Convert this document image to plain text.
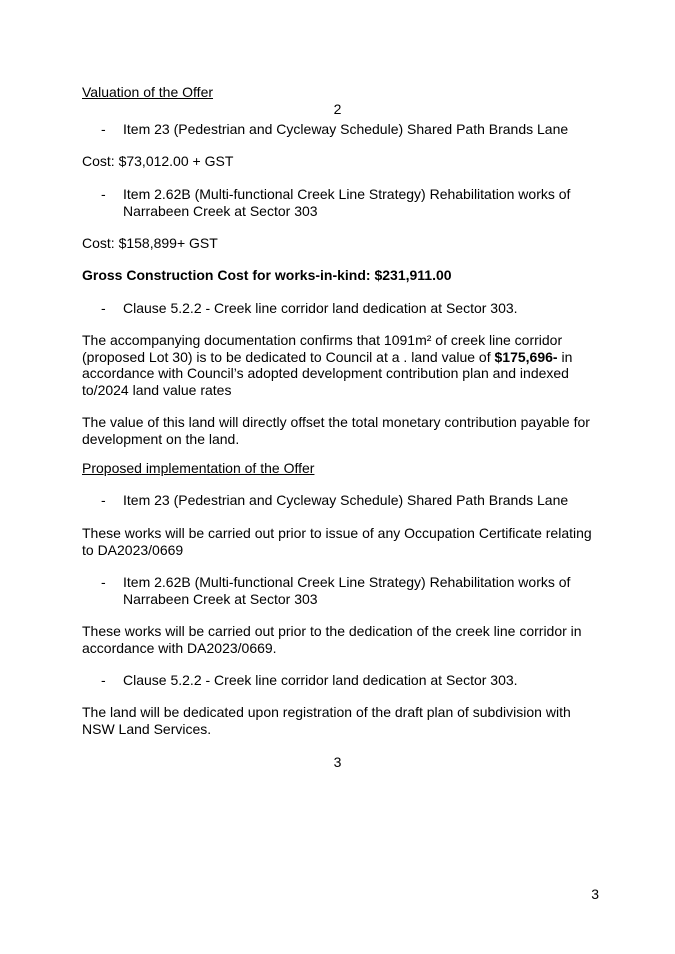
Valuation of the Offer

2
-	Item 23 (Pedestrian and Cycleway Schedule) Shared Path Brands Lane

Cost: $73,012.00 + GST

-	Item 2.62B (Multi-functional Creek Line Strategy) Rehabilitation works of Narrabeen Creek at Sector 303

Cost: $158,899+ GST

Gross Construction Cost for works-in-kind: $231,911.00

-	Clause 5.2.2 - Creek line corridor land dedication at Sector 303.

The accompanying documentation confirms that 1091m² of creek line corridor (proposed Lot 30) is to be dedicated to Council at a . land value of $175,696- in accordance with Council’s adopted development contribution plan and indexed to/2024 land value rates

The value of this land will directly offset the total monetary contribution payable for development on the land.

Proposed implementation of the Offer

-	Item 23 (Pedestrian and Cycleway Schedule) Shared Path Brands Lane

These works will be carried out prior to issue of any Occupation Certificate relating to DA2023/0669

-	Item 2.62B (Multi-functional Creek Line Strategy) Rehabilitation works of Narrabeen Creek at Sector 303

These works will be carried out prior to the dedication of the creek line corridor in accordance with DA2023/0669.

-	Clause 5.2.2 - Creek line corridor land dedication at Sector 303.

The land will be dedicated upon registration of the draft plan of subdivision with NSW Land Services.

3
3
